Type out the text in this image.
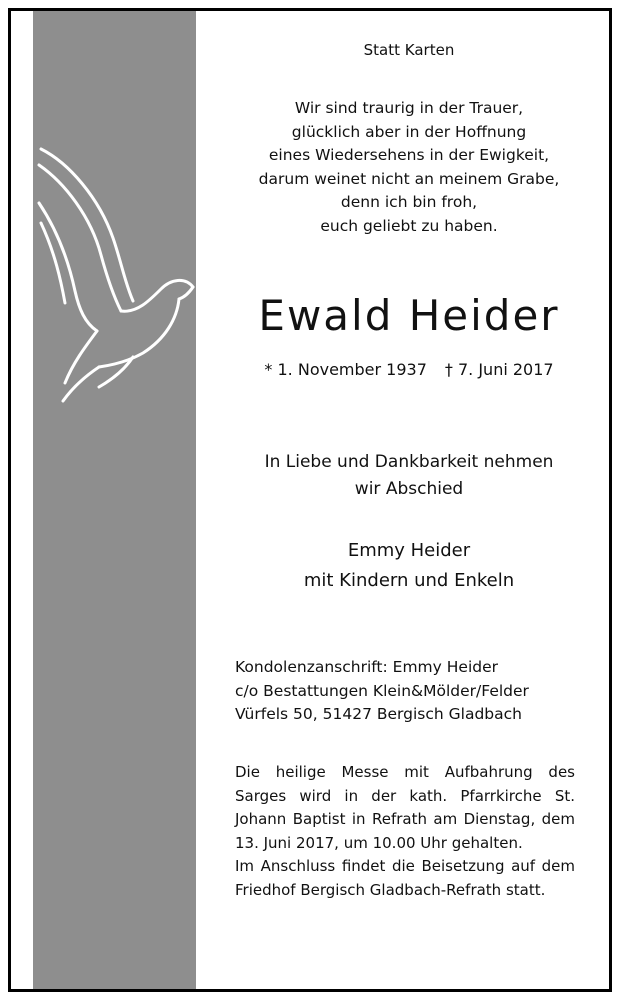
Statt Karten
Wir sind traurig in der Trauer,
glücklich aber in der Hoffnung
eines Wiedersehens in der Ewigkeit,
darum weinet nicht an meinem Grabe,
denn ich bin froh,
euch geliebt zu haben.
Ewald Heider
* 1. November 1937 † 7. Juni 2017
In Liebe und Dankbarkeit nehmen
wir Abschied
Emmy Heider
mit Kindern und Enkeln
Kondolenzanschrift: Emmy Heider
c/o Bestattungen Klein&Mölder/Felder
Vürfels 50, 51427 Bergisch Gladbach

Die heilige Messe mit Aufbahrung des Sarges wird in der kath. Pfarrkirche St. Johann Baptist in Refrath am Dienstag, dem 13. Juni 2017, um 10.00 Uhr gehalten.

Im Anschluss findet die Beisetzung auf dem Friedhof Bergisch Gladbach-Refrath statt.
